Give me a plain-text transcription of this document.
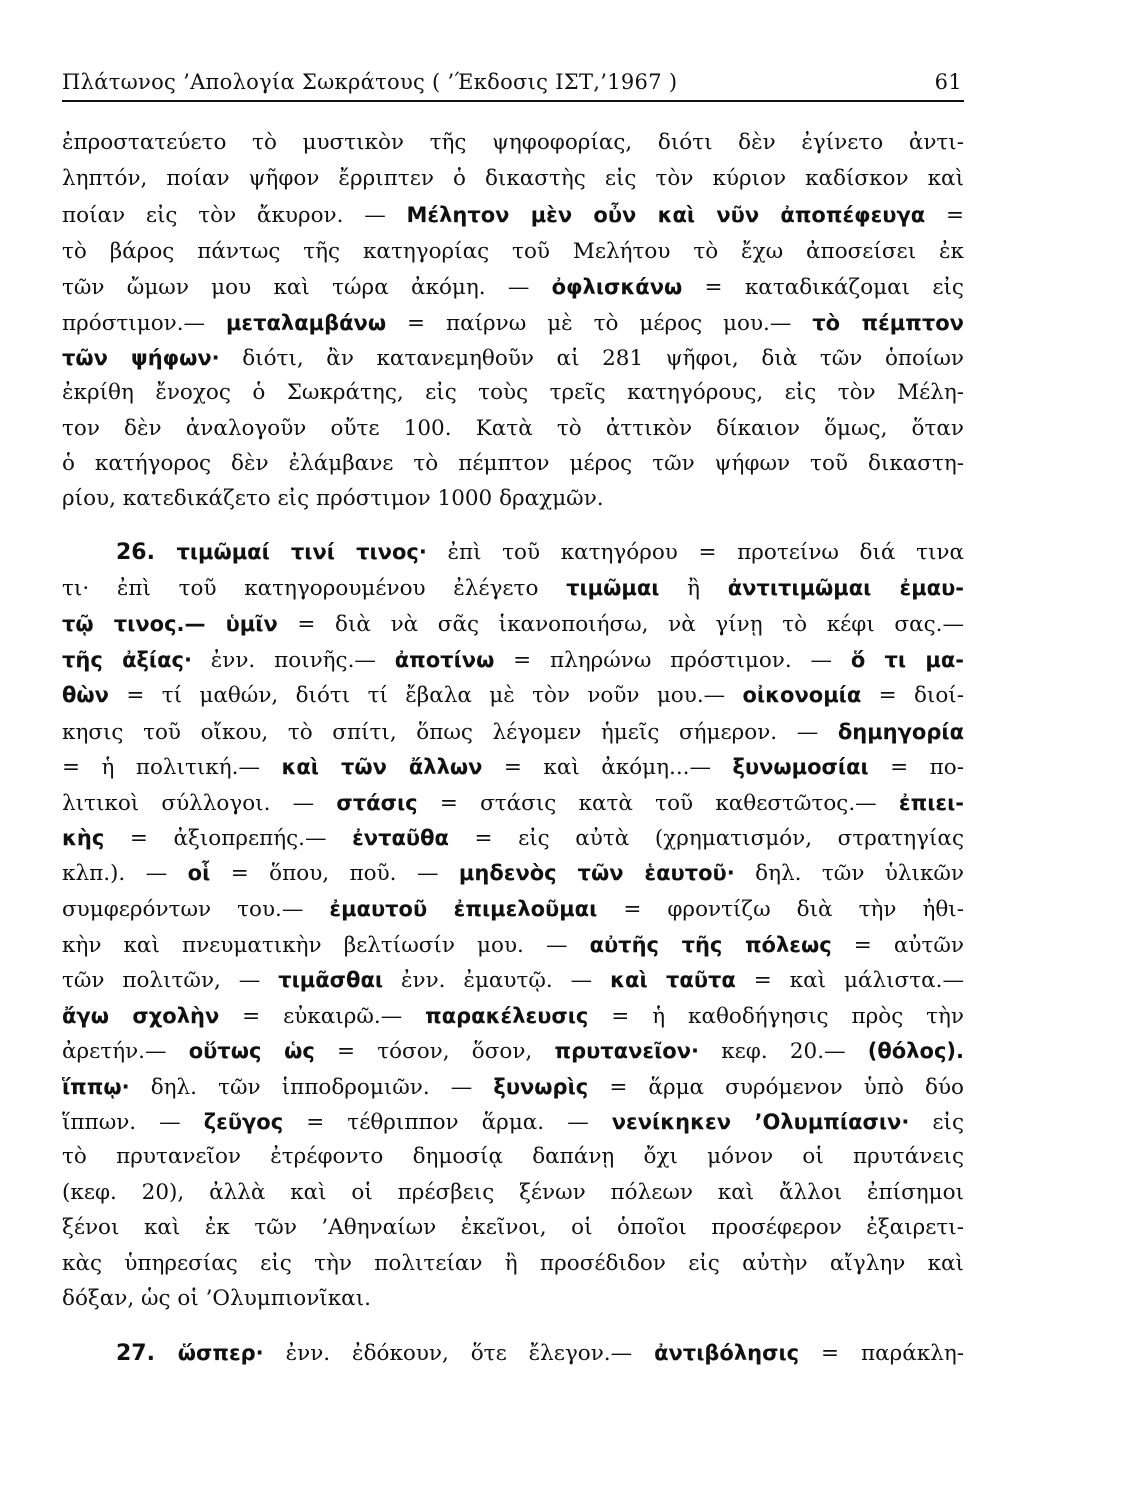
Πλάτωνος ’Απολογία Σωκράτους ( ’Έκδοσις ΙΣΤ,’1967 )	61
ἐπροστατεύετο τὸ μυστικὸν τῆς ψηφοφορίας, διότι δὲν ἐγίνετο ἀντι-
ληπτόν, ποίαν ψῆφον ἔρριπτεν ὁ δικαστὴς εἰς τὸν κύριον καδίσκον καὶ
ποίαν εἰς τὸν ἄκυρον. — Μέλητον μὲν οὖν καὶ νῦν ἀποπέφευγα =
τὸ βάρος πάντως τῆς κατηγορίας τοῦ Μελήτου τὸ ἔχω ἀποσείσει ἐκ
τῶν ὤμων μου καὶ τώρα ἀκόμη. — ὀφλισκάνω = καταδικάζομαι εἰς
πρόστιμον.— μεταλαμβάνω = παίρνω μὲ τὸ μέρος μου.— τὸ πέμπτον
τῶν ψήφων· διότι, ἂν κατανεμηθοῦν αἱ 281 ψῆφοι, διὰ τῶν ὁποίων
ἐκρίθη ἔνοχος ὁ Σωκράτης, εἰς τοὺς τρεῖς κατηγόρους, εἰς τὸν Μέλη-
τον δὲν ἀναλογοῦν οὔτε 100. Κατὰ τὸ ἀττικὸν δίκαιον ὅμως, ὅταν
ὁ κατήγορος δὲν ἐλάμβανε τὸ πέμπτον μέρος τῶν ψήφων τοῦ δικαστη-
ρίου, κατεδικάζετο εἰς πρόστιμον 1000 δραχμῶν.
26. τιμῶμαί τινί τινος· ἐπὶ τοῦ κατηγόρου = προτείνω διά τινα
τι· ἐπὶ τοῦ κατηγορουμένου ἐλέγετο τιμῶμαι ἢ ἀντιτιμῶμαι ἐμαυ-
τῷ τινος.— ὑμῖν = διὰ νὰ σᾶς ἱκανοποιήσω, νὰ γίνῃ τὸ κέφι σας.—
τῆς ἀξίας· ἐνν. ποινῆς.— ἀποτίνω = πληρώνω πρόστιμον. — ὅ τι μα-
θὼν = τί μαθών, διότι τί ἔβαλα μὲ τὸν νοῦν μου.— οἰκονομία = διοί-
κησις τοῦ οἴκου, τὸ σπίτι, ὅπως λέγομεν ἡμεῖς σήμερον. — δημηγορία
= ἡ πολιτική.— καὶ τῶν ἄλλων = καὶ ἀκόμη...— ξυνωμοσίαι = πο-
λιτικοὶ σύλλογοι. — στάσις = στάσις κατὰ τοῦ καθεστῶτος.— ἐπιει-
κὴς = ἀξιοπρεπής.— ἐνταῦθα = εἰς αὐτὰ (χρηματισμόν, στρατηγίας
κλπ.). — οἷ = ὅπου, ποῦ. — μηδενὸς τῶν ἑαυτοῦ· δηλ. τῶν ὑλικῶν
συμφερόντων του.— ἐμαυτοῦ ἐπιμελοῦμαι = φροντίζω διὰ τὴν ἠθι-
κὴν καὶ πνευματικὴν βελτίωσίν μου. — αὐτῆς τῆς πόλεως = αὐτῶν
τῶν πολιτῶν, — τιμᾶσθαι ἐνν. ἐμαυτῷ. — καὶ ταῦτα = καὶ μάλιστα.—
ἄγω σχολὴν = εὐκαιρῶ.— παρακέλευσις = ἡ καθοδήγησις πρὸς τὴν
ἀρετήν.— οὕτως ὡς = τόσον, ὅσον, πρυτανεῖον· κεφ. 20.— (θόλος).
ἵππῳ· δηλ. τῶν ἱπποδρομιῶν. — ξυνωρὶς = ἅρμα συρόμενον ὑπὸ δύο
ἵππων. — ζεῦγος = τέθριππον ἅρμα. — νενίκηκεν ’Ολυμπίασιν· εἰς
τὸ πρυτανεῖον ἐτρέφοντο δημοσίᾳ δαπάνῃ ὄχι μόνον οἱ πρυτάνεις
(κεφ. 20), ἀλλὰ καὶ οἱ πρέσβεις ξένων πόλεων καὶ ἄλλοι ἐπίσημοι
ξένοι καὶ ἐκ τῶν ’Αθηναίων ἐκεῖνοι, οἱ ὁποῖοι προσέφερον ἐξαιρετι-
κὰς ὑπηρεσίας εἰς τὴν πολιτείαν ἢ προσέδιδον εἰς αὐτὴν αἴγλην καὶ
δόξαν, ὡς οἱ ’Ολυμπιονῖκαι.
27. ὥσπερ· ἐνν. ἐδόκουν, ὅτε ἔλεγον.— ἀντιβόλησις = παράκλη-
